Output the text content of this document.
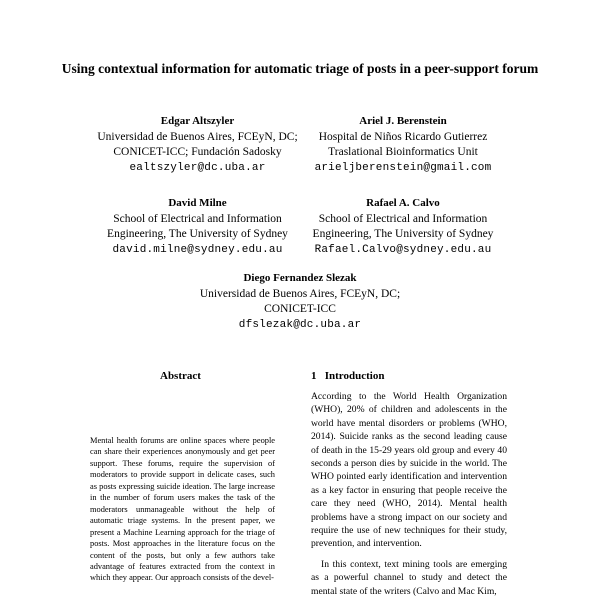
Using contextual information for automatic triage of posts in a peer-support forum
Edgar Altszyler
Universidad de Buenos Aires, FCEyN, DC;
CONICET-ICC; Fundación Sadosky
ealtszyler@dc.uba.ar
Ariel J. Berenstein
Hospital de Niños Ricardo Gutierrez
Traslational Bioinformatics Unit
arieljberenstein@gmail.com
David Milne
School of Electrical and Information
Engineering, The University of Sydney
david.milne@sydney.edu.au
Rafael A. Calvo
School of Electrical and Information
Engineering, The University of Sydney
Rafael.Calvo@sydney.edu.au
Diego Fernandez Slezak
Universidad de Buenos Aires, FCEyN, DC;
CONICET-ICC
dfslezak@dc.uba.ar
Abstract
Mental health forums are online spaces where people can share their experiences anonymously and get peer support. These forums, require the supervision of moderators to provide support in delicate cases, such as posts expressing suicide ideation. The large increase in the number of forum users makes the task of the moderators unmanageable without the help of automatic triage systems. In the present paper, we present a Machine Learning approach for the triage of posts. Most approaches in the literature focus on the content of the posts, but only a few authors take advantage of features extracted from the context in which they appear. Our approach consists of the devel-
1   Introduction

According to the World Health Organization (WHO), 20% of children and adolescents in the world have mental disorders or problems (WHO, 2014). Suicide ranks as the second leading cause of death in the 15-29 years old group and every 40 seconds a person dies by suicide in the world. The WHO pointed early identification and intervention as a key factor in ensuring that people receive the care they need (WHO, 2014). Mental health problems have a strong impact on our society and require the use of new techniques for their study, prevention, and intervention.

In this context, text mining tools are emerging as a powerful channel to study and detect the mental state of the writers (Calvo and Mac Kim,
